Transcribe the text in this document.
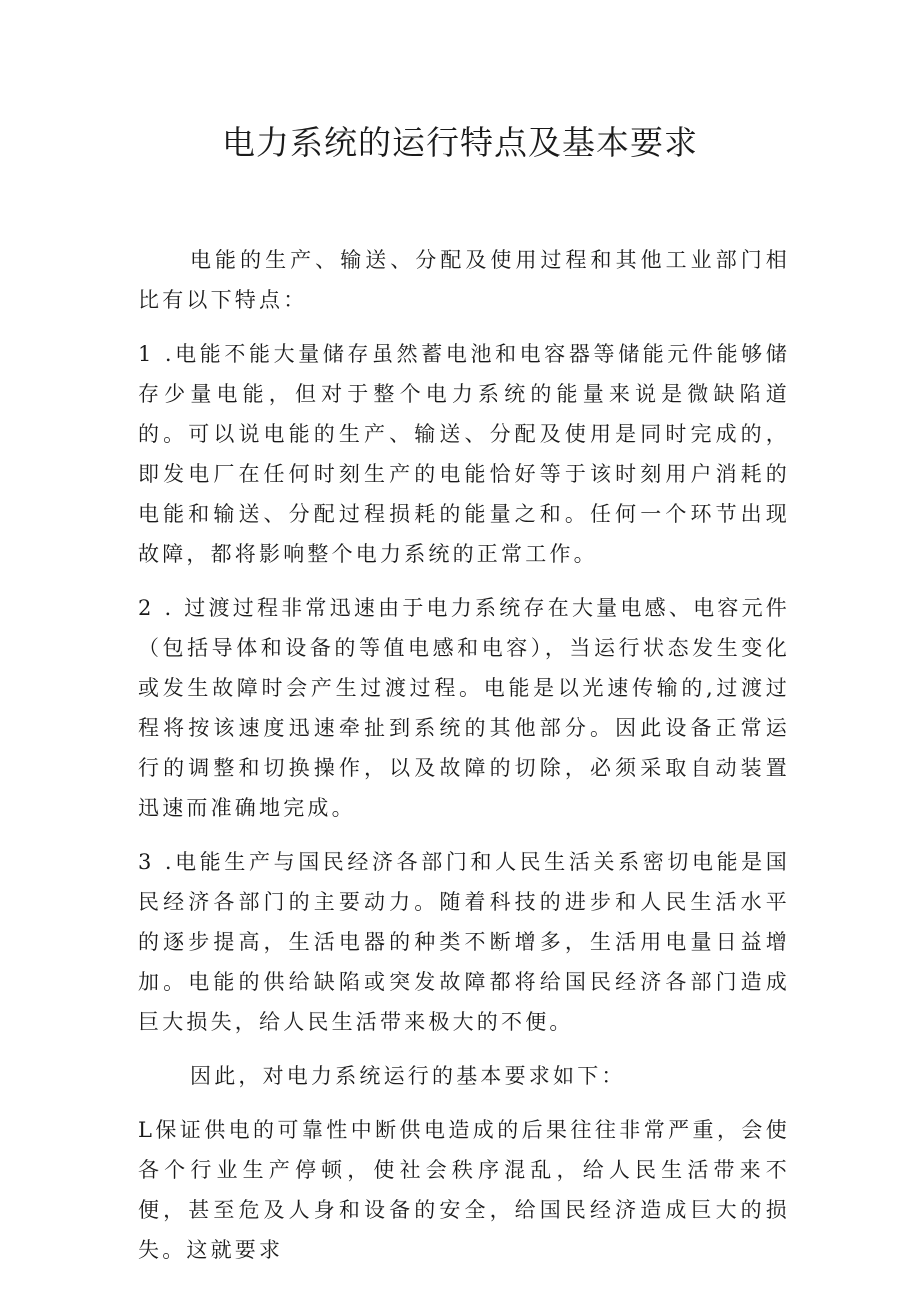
电力系统的运行特点及基本要求

电能的生产、输送、分配及使用过程和其他工业部门相比有以下特点：

1 .电能不能大量储存虽然蓄电池和电容器等储能元件能够储存少量电能，但对于整个电力系统的能量来说是微缺陷道的。可以说电能的生产、输送、分配及使用是同时完成的，即发电厂在任何时刻生产的电能恰好等于该时刻用户消耗的电能和输送、分配过程损耗的能量之和。任何一个环节出现故障，都将影响整个电力系统的正常工作。

2 . 过渡过程非常迅速由于电力系统存在大量电感、电容元件（包括导体和设备的等值电感和电容），当运行状态发生变化或发生故障时会产生过渡过程。电能是以光速传输的,过渡过程将按该速度迅速牵扯到系统的其他部分。因此设备正常运行的调整和切换操作，以及故障的切除，必须采取自动装置迅速而准确地完成。

3 .电能生产与国民经济各部门和人民生活关系密切电能是国民经济各部门的主要动力。随着科技的进步和人民生活水平的逐步提高，生活电器的种类不断增多，生活用电量日益增加。电能的供给缺陷或突发故障都将给国民经济各部门造成巨大损失，给人民生活带来极大的不便。

因此，对电力系统运行的基本要求如下：

L保证供电的可靠性中断供电造成的后果往往非常严重，会使各个行业生产停顿，使社会秩序混乱，给人民生活带来不便，甚至危及人身和设备的安全，给国民经济造成巨大的损失。这就要求
